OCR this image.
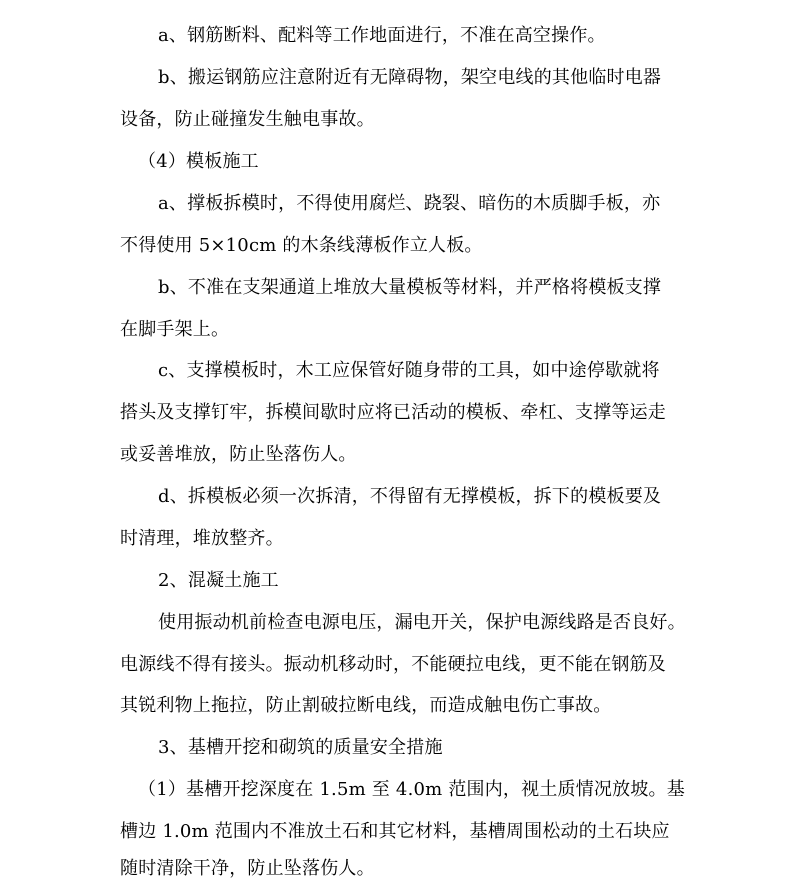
a、钢筋断料、配料等工作地面进行，不准在高空操作。
b、搬运钢筋应注意附近有无障碍物，架空电线的其他临时电器
设备，防止碰撞发生触电事故。
（4）模板施工
a、撑板拆模时，不得使用腐烂、跷裂、暗伤的木质脚手板，亦
不得使用 5×10cm 的木条线薄板作立人板。
b、不准在支架通道上堆放大量模板等材料，并严格将模板支撑
在脚手架上。
c、支撑模板时，木工应保管好随身带的工具，如中途停歇就将
搭头及支撑钉牢，拆模间歇时应将已活动的模板、牵杠、支撑等运走
或妥善堆放，防止坠落伤人。
d、拆模板必须一次拆清，不得留有无撑模板，拆下的模板要及
时清理，堆放整齐。
2、混凝土施工
使用振动机前检查电源电压，漏电开关，保护电源线路是否良好。
电源线不得有接头。振动机移动时，不能硬拉电线，更不能在钢筋及
其锐利物上拖拉，防止割破拉断电线，而造成触电伤亡事故。
3、基槽开挖和砌筑的质量安全措施
（1）基槽开挖深度在 1.5m 至 4.0m 范围内，视土质情况放坡。基
槽边 1.0m 范围内不准放土石和其它材料，基槽周围松动的土石块应
随时清除干净，防止坠落伤人。
